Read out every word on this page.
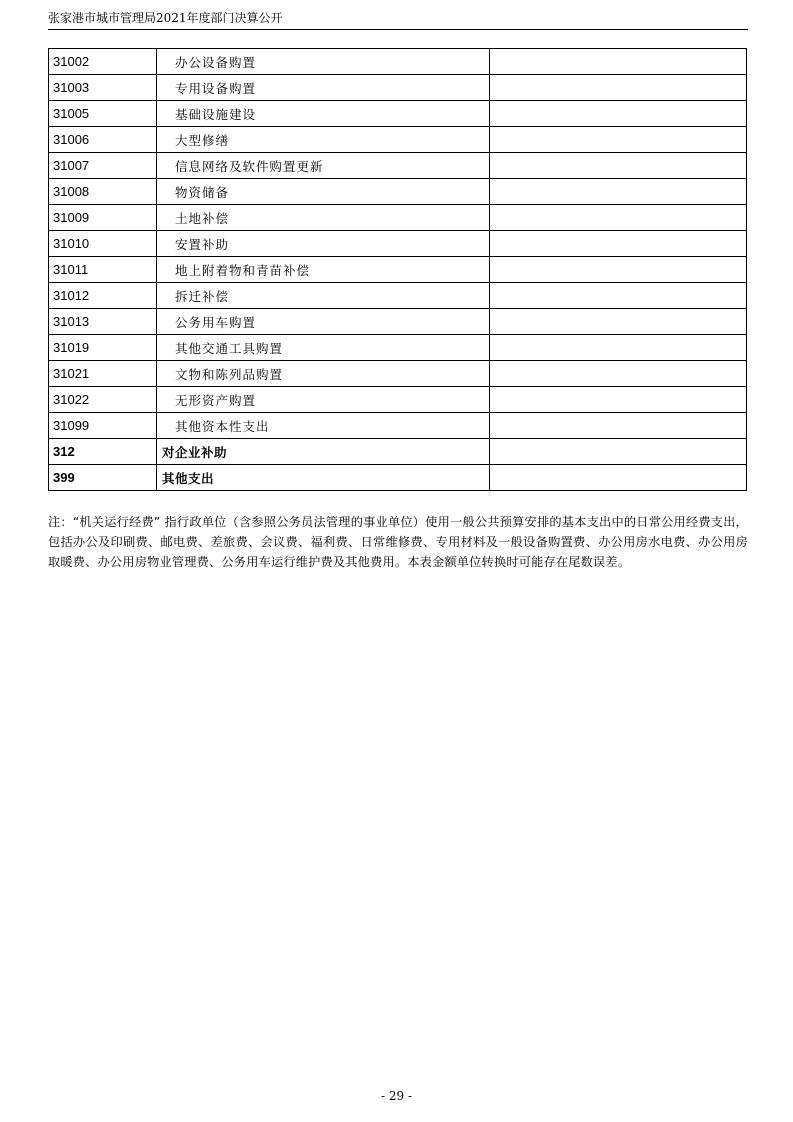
张家港市城市管理局2021年度部门决算公开
31002	办公设备购置	
31003	专用设备购置	
31005	基础设施建设	
31006	大型修缮	
31007	信息网络及软件购置更新	
31008	物资储备	
31009	土地补偿	
31010	安置补助	
31011	地上附着物和青苗补偿	
31012	拆迁补偿	
31013	公务用车购置	
31019	其他交通工具购置	
31021	文物和陈列品购置	
31022	无形资产购置	
31099	其他资本性支出	
312	对企业补助	
399	其他支出	
注：“机关运行经费” 指行政单位（含参照公务员法管理的事业单位）使用一般公共预算安排的基本支出中的日常公用经费支出，包括办公及印刷费、邮电费、差旅费、会议费、福利费、日常维修费、专用材料及一般设备购置费、办公用房水电费、办公用房取暖费、办公用房物业管理费、公务用车运行维护费及其他费用。本表金额单位转换时可能存在尾数误差。
- 29 -
